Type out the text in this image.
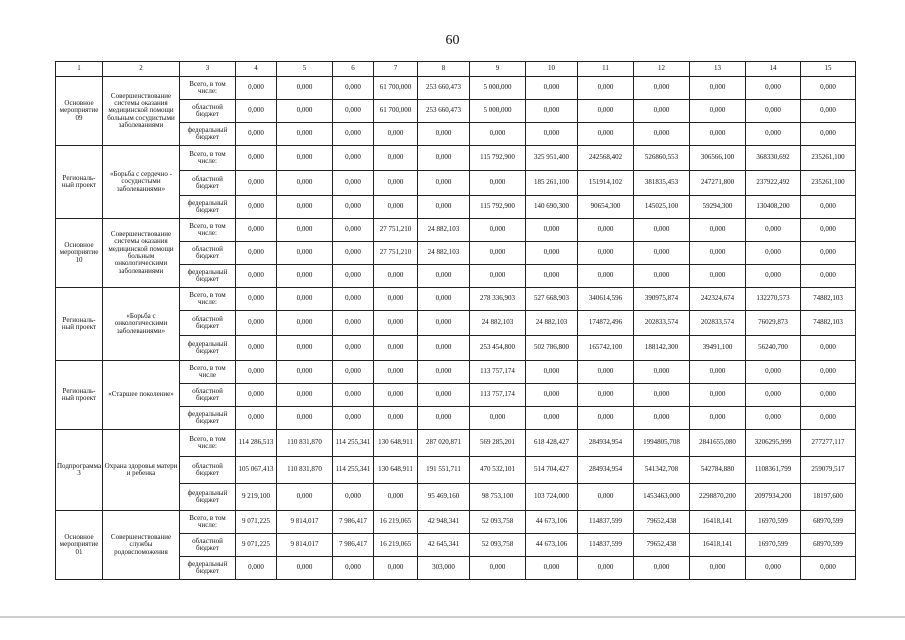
60
1	2	3	4	5	6	7	8	9	10	11	12	13	14	15
Основное мероприятие 09	Совершенствование системы оказания медицинской помощи больным сосудистыми заболеваниями	Всего, в том числе:	0,000	0,000	0,000	61 700,000	253 660,473	5 000,000	0,000	0,000	0,000	0,000	0,000	0,000
		областной бюджет	0,000	0,000	0,000	61 700,000	253 660,473	5 000,000	0,000	0,000	0,000	0,000	0,000	0,000
		федеральный бюджет	0,000	0,000	0,000	0,000	0,000	0,000	0,000	0,000	0,000	0,000	0,000	0,000
Региональ-ный проект	«Борьба с сердечно - сосудистыми заболеваниями»	Всего, в том числе:	0,000	0,000	0,000	0,000	0,000	115 792,900	325 951,400	242568,402	526860,553	306566,100	368330,692	235261,100
		областной бюджет	0,000	0,000	0,000	0,000	0,000	0,000	185 261,100	151914,102	381835,453	247271,800	237922,492	235261,100
		федеральный бюджет	0,000	0,000	0,000	0,000	0,000	115 792,900	140 690,300	90654,300	145025,100	59294,300	130408,200	0,000
Основное мероприятие 10	Совершенствование системы оказания медицинской помощи больным онкологическими заболеваниями	Всего, в том числе:	0,000	0,000	0,000	27 751,210	24 882,103	0,000	0,000	0,000	0,000	0,000	0,000	0,000
		областной бюджет	0,000	0,000	0,000	27 751,210	24 882,103	0,000	0,000	0,000	0,000	0,000	0,000	0,000
		федеральный бюджет	0,000	0,000	0,000	0,000	0,000	0,000	0,000	0,000	0,000	0,000	0,000	0,000
Региональ-ный проект	«Борьба с онкологическими заболеваниями»	Всего, в том числе:	0,000	0,000	0,000	0,000	0,000	278 336,903	527 668,903	340614,596	390975,874	242324,674	132270,573	74882,103
		областной бюджет	0,000	0,000	0,000	0,000	0,000	24 882,103	24 882,103	174872,496	202833,574	202833,574	76029,873	74882,103
		федеральный бюджет	0,000	0,000	0,000	0,000	0,000	253 454,800	502 786,800	165742,100	188142,300	39491,100	56240,700	0,000
Региональ-ный проект	«Старшее поколение»	Всего, в том числе	0,000	0,000	0,000	0,000	0,000	113 757,174	0,000	0,000	0,000	0,000	0,000	0,000
		областной бюджет	0,000	0,000	0,000	0,000	0,000	113 757,174	0,000	0,000	0,000	0,000	0,000	0,000
		федеральный бюджет	0,000	0,000	0,000	0,000	0,000	0,000	0,000	0,000	0,000	0,000	0,000	0,000
Подпрограмма 3	Охрана здоровья матери и ребенка	Всего, в том числе:	114 286,513	110 831,870	114 255,341	130 648,911	287 020,871	569 285,201	618 428,427	284934,954	1994805,708	2841655,080	3206295,999	277277,117
		областной бюджет	105 067,413	110 831,870	114 255,341	130 648,911	191 551,711	470 532,101	514 704,427	284934,954	541342,708	542784,880	1108361,799	259079,517
		федеральный бюджет	9 219,100	0,000	0,000	0,000	95 469,160	98 753,100	103 724,000	0,000	1453463,000	2298870,200	2097934,200	18197,600
Основное мероприятие 01	Совершенствование службы родовспоможения	Всего, в том числе:	9 071,225	9 814,017	7 986,417	16 219,065	42 948,341	52 093,758	44 673,106	114837,599	79652,438	16418,141	16970,599	68970,599
		областной бюджет	9 071,225	9 814,017	7 986,417	16 219,065	42 645,341	52 093,758	44 673,106	114837,599	79652,438	16418,141	16970,599	68970,599
		федеральный бюджет	0,000	0,000	0,000	0,000	303,000	0,000	0,000	0,000	0,000	0,000	0,000	0,000
